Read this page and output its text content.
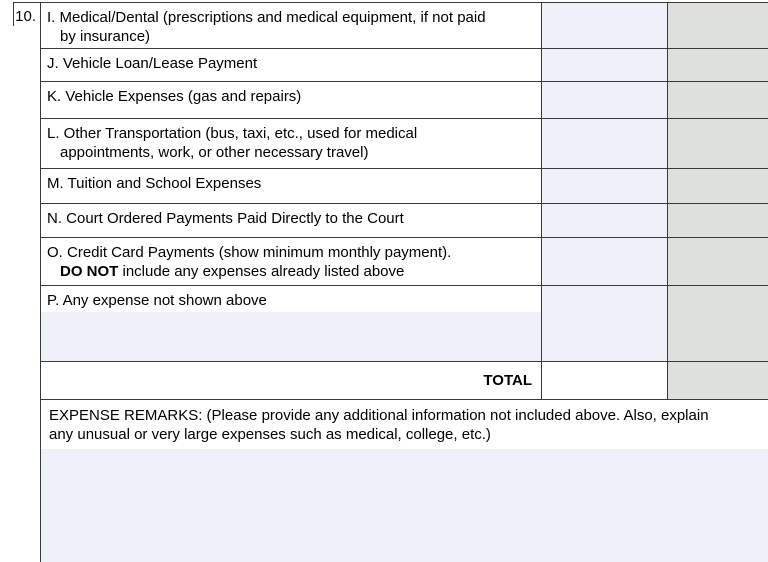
10. I. Medical/Dental (prescriptions and medical equipment, if not paid
by insurance)		

J. Vehicle Loan/Lease Payment		

K. Vehicle Expenses (gas and repairs)		

L. Other Transportation (bus, taxi, etc., used for medical
appointments, work, or other necessary travel)		

M. Tuition and School Expenses		

N. Court Ordered Payments Paid Directly to the Court		

O. Credit Card Payments (show minimum monthly payment).
DO NOT include any expenses already listed above		

P. Any expense not shown above		

TOTAL		

EXPENSE REMARKS: (Please provide any additional information not included above. Also, explain
any unusual or very large expenses such as medical, college, etc.)		
